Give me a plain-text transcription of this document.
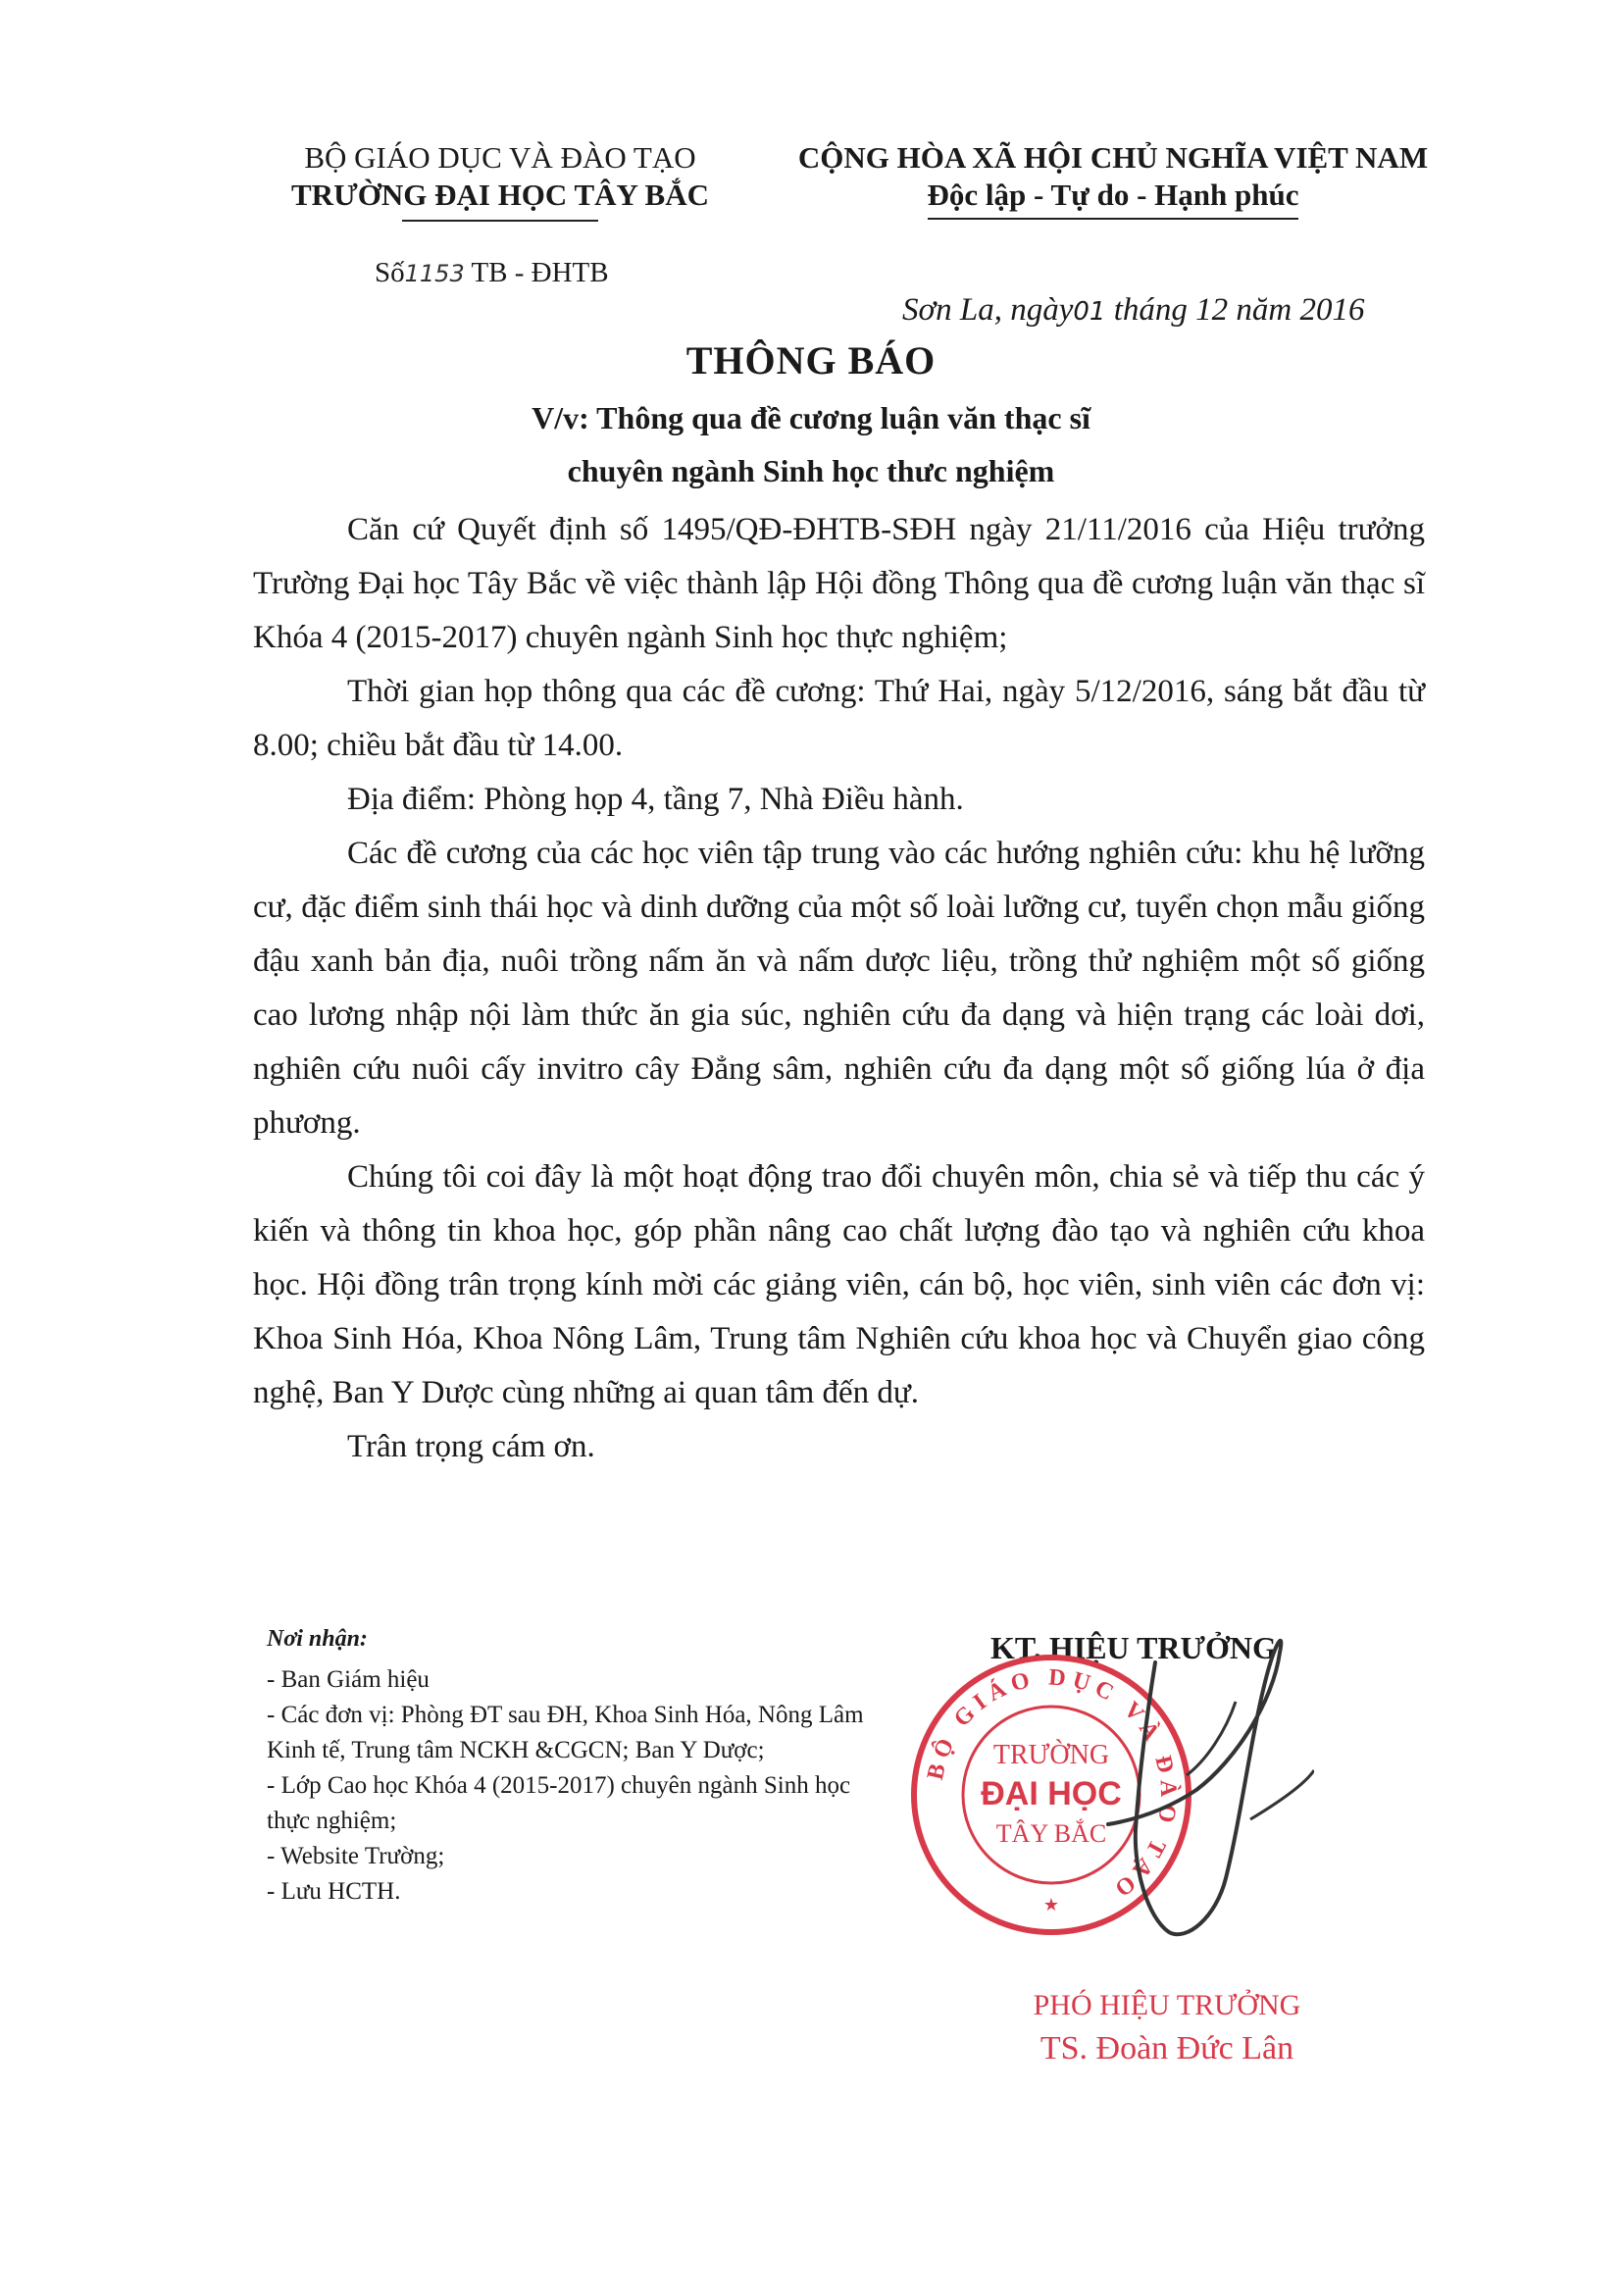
BỘ GIÁO DỤC VÀ ĐÀO TẠO
TRƯỜNG ĐẠI HỌC TÂY BẮC
CỘNG HÒA XÃ HỘI CHỦ NGHĨA VIỆT NAM
Độc lập - Tự do - Hạnh phúc
Số1153 TB - ĐHTB
Sơn La, ngày01 tháng 12 năm 2016
THÔNG BÁO
V/v: Thông qua đề cương luận văn thạc sĩ
chuyên ngành Sinh học thưc nghiệm

Căn cứ Quyết định số 1495/QĐ-ĐHTB-SĐH ngày 21/11/2016 của Hiệu trưởng Trường Đại học Tây Bắc về việc thành lập Hội đồng Thông qua đề cương luận văn thạc sĩ Khóa 4 (2015-2017) chuyên ngành Sinh học thực nghiệm;

Thời gian họp thông qua các đề cương: Thứ Hai, ngày 5/12/2016, sáng bắt đầu từ 8.00; chiều bắt đầu từ 14.00.

Địa điểm: Phòng họp 4, tầng 7, Nhà Điều hành.

Các đề cương của các học viên tập trung vào các hướng nghiên cứu: khu hệ lưỡng cư, đặc điểm sinh thái học và dinh dưỡng của một số loài lưỡng cư, tuyển chọn mẫu giống đậu xanh bản địa, nuôi trồng nấm ăn và nấm dược liệu, trồng thử nghiệm một số giống cao lương nhập nội làm thức ăn gia súc, nghiên cứu đa dạng và hiện trạng các loài dơi, nghiên cứu nuôi cấy invitro cây Đẳng sâm, nghiên cứu đa dạng một số giống lúa ở địa phương.

Chúng tôi coi đây là một hoạt động trao đổi chuyên môn, chia sẻ và tiếp thu các ý kiến và thông tin khoa học, góp phần nâng cao chất lượng đào tạo và nghiên cứu khoa học. Hội đồng trân trọng kính mời các giảng viên, cán bộ, học viên, sinh viên các đơn vị: Khoa Sinh Hóa, Khoa Nông Lâm, Trung tâm Nghiên cứu khoa học và Chuyển giao công nghệ, Ban Y Dược cùng những ai quan tâm đến dự.

Trân trọng cám ơn.

Nơi nhận:
- Ban Giám hiệu
- Các đơn vị: Phòng ĐT sau ĐH, Khoa Sinh Hóa, Nông Lâm Kinh tế, Trung tâm NCKH &CGCN; Ban Y Dược;
- Lớp Cao học Khóa 4 (2015-2017) chuyên ngành Sinh học thực nghiệm;
- Website Trường;
- Lưu HCTH.
KT. HIỆU TRƯỞNG
BỘ GIÁO DỤC VÀ ĐÀO TẠO
TRƯỜNG
ĐẠI HỌC
TÂY BẮC
★
PHÓ HIỆU TRƯỞNG
TS. Đoàn Đức Lân
